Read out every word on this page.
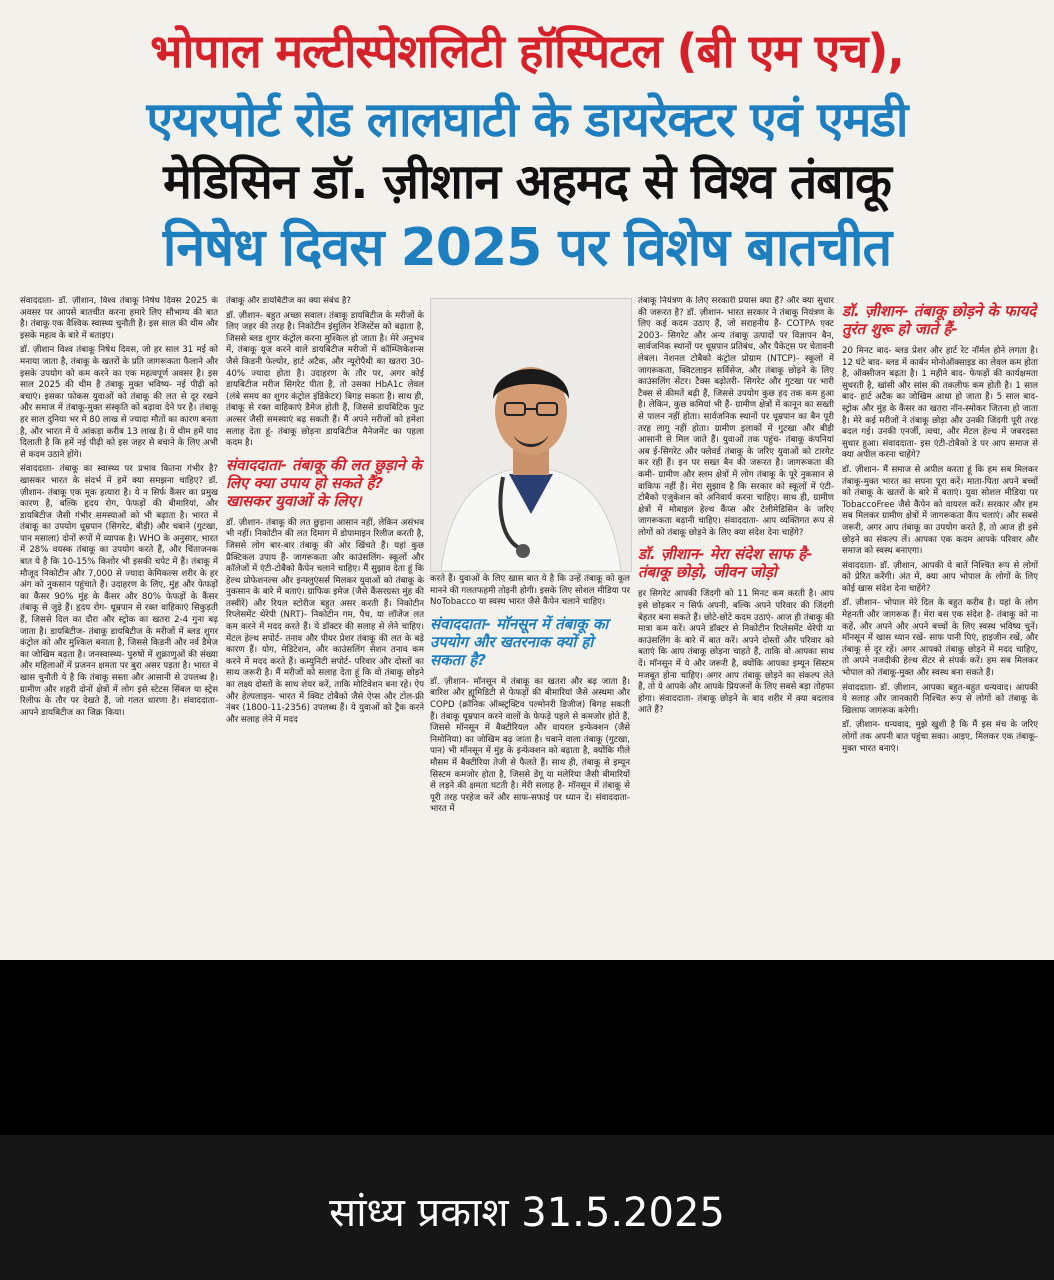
भोपाल मल्टीस्पेशलिटी हॉस्पिटल (बी एम एच),
एयरपोर्ट रोड लालघाटी के डायरेक्टर एवं एमडी
मेडिसिन डॉ. ज़ीशान अहमद से विश्व तंबाकू
निषेध दिवस 2025 पर विशेष बातचीत

संवाददाता- डॉ. ज़ीशान, विश्व तंबाकू निषेध दिवस 2025 के अवसर पर आपसे बातचीत करना हमारे लिए सौभाग्य की बात है। तंबाकू एक वैश्विक स्वास्थ्य चुनौती है। इस साल की थीम और इसके महत्व के बारे में बताइए।

डॉ. ज़ीशान विश्व तंबाकू निषेध दिवस, जो हर साल 31 मई को मनाया जाता है, तंबाकू के खतरों के प्रति जागरूकता फैलाने और इसके उपयोग को कम करने का एक महत्वपूर्ण अवसर है। इस साल 2025 की थीम है तंबाकू मुक्त भविष्य- नई पीढ़ी को बचाएं। इसका फोकस युवाओं को तंबाकू की लत से दूर रखने और समाज में तंबाकू-मुक्त संस्कृति को बढ़ावा देने पर है। तंबाकू हर साल दुनिया भर में 80 लाख से ज्यादा मौतों का कारण बनता है, और भारत में ये आंकड़ा करीब 13 लाख है। ये थीम हमें याद दिलाती है कि हमें नई पीढ़ी को इस जहर से बचाने के लिए अभी से कदम उठाने होंगे।

संवाददाता- तंबाकू का स्वास्थ्य पर प्रभाव कितना गंभीर है? खासकर भारत के संदर्भ में हमें क्या समझना चाहिए? डॉ. ज़ीशान- तंबाकू एक मूक हत्यारा है। ये न सिर्फ कैंसर का प्रमुख कारण है, बल्कि हृदय रोग, फेफड़ों की बीमारियां, और डायबिटीज जैसी गंभीर समस्याओं को भी बढ़ाता है। भारत में तंबाकू का उपयोग धूम्रपान (सिगरेट, बीड़ी) और चबाने (गुटखा, पान मसाला) दोनों रूपों में व्यापक है। WHO के अनुसार, भारत में 28% वयस्क तंबाकू का उपयोग करते हैं, और चिंताजनक बात ये है कि 10-15% किशोर भी इसकी चपेट में हैं। तंबाकू में मौजूद निकोटीन और 7,000 से ज्यादा केमिकल्स शरीर के हर अंग को नुकसान पहुंचाते हैं। उदाहरण के लिए, मुंह और फेफड़ों का कैंसर 90% मुंह के कैंसर और 80% फेफड़ों के कैंसर तंबाकू से जुड़े हैं। हृदय रोग- धूम्रपान से रक्त वाहिकाएं सिकुड़ती हैं, जिससे दिल का दौरा और स्ट्रोक का खतरा 2-4 गुना बढ़ जाता है। डायबिटीज- तंबाकू डायबिटीज के मरीजों में ब्लड शुगर कंट्रोल को और मुश्किल बनाता है, जिससे किडनी और नर्व डैमेज का जोखिम बढ़ता है। जनस्वास्थ्य- पुरुषों में शुक्राणुओं की संख्या और महिलाओं में प्रजनन क्षमता पर बुरा असर पड़ता है। भारत में खास चुनौती ये है कि तंबाकू सस्ता और आसानी से उपलब्ध है। ग्रामीण और शहरी दोनों क्षेत्रों में लोग इसे स्टेटस सिंबल या स्ट्रेस रिलीफ के तौर पर देखते हैं, जो गलत धारणा है। संवाददाता- आपने डायबिटीज का जिक्र किया।

तंबाकू और डायबिटीज का क्या संबंध है?

डॉ. ज़ीशान- बहुत अच्छा सवाल। तंबाकू डायबिटीज के मरीजों के लिए जहर की तरह है। निकोटीन इंसुलिन रेजिस्टेंस को बढ़ाता है, जिससे ब्लड शुगर कंट्रोल करना मुश्किल हो जाता है। मेरे अनुभव में, तंबाकू यूज करने वाले डायबिटीज मरीजों में कॉम्प्लिकेशन्स जैसे किडनी फेल्योर, हार्ट अटैक, और न्यूरोपैथी का खतरा 30-40% ज्यादा होता है। उदाहरण के तौर पर, अगर कोई डायबिटीज मरीज सिगरेट पीता है, तो उसका HbA1c लेवल (लंबे समय का शुगर कंट्रोल इंडिकेटर) बिगड़ सकता है। साथ ही, तंबाकू से रक्त वाहिकाएं डैमेज होती हैं, जिससे डायबिटिक फुट अल्सर जैसी समस्याएं बढ़ सकती हैं। मैं अपने मरीजों को हमेशा सलाह देता हूं- तंबाकू छोड़ना डायबिटीज मैनेजमेंट का पहला कदम है।

संवाददाता- तंबाकू की लत छुड़ाने के लिए क्या उपाय हो सकते हैं? खासकर युवाओं के लिए।

डॉ. ज़ीशान- तंबाकू की लत छुड़ाना आसान नहीं, लेकिन असंभव भी नहीं। निकोटीन की लत दिमाग में डोपामाइन रिलीज करती है, जिससे लोग बार-बार तंबाकू की ओर खिंचते हैं। यहां कुछ प्रैक्टिकल उपाय हैं- जागरूकता और काउंसलिंग- स्कूलों और कॉलेजों में एंटी-टोबैको कैंपेन चलाने चाहिए। मैं सुझाव देता हूं कि हेल्थ प्रोफेशनल्स और इन्फ्लुएंसर्स मिलकर युवाओं को तंबाकू के नुकसान के बारे में बताएं। ग्राफिक इमेज (जैसे कैंसरग्रस्त मुंह की तस्वीरें) और रियल स्टोरीज बहुत असर करती हैं। निकोटीन रिप्लेसमेंट थेरेपी (NRT)- निकोटीन गम, पैच, या लॉजेंज लत कम करने में मदद करते हैं। ये डॉक्टर की सलाह से लेने चाहिए। मेंटल हेल्थ सपोर्ट- तनाव और पीयर प्रेशर तंबाकू की लत के बड़े कारण हैं। योग, मेडिटेशन, और काउंसलिंग सेशन तनाव कम करने में मदद करते हैं। कम्युनिटी सपोर्ट- परिवार और दोस्तों का साथ जरूरी है। मैं मरीजों को सलाह देता हूं कि वो तंबाकू छोड़ने का लक्ष्य दोस्तों के साथ शेयर करें, ताकि मोटिवेशन बना रहे। ऐप और हेल्पलाइन- भारत में क्विट टोबैको जैसे ऐप्स और टोल-फ्री नंबर (1800-11-2356) उपलब्ध हैं। ये युवाओं को ट्रैक करने और सलाह लेने में मदद

तंबाकू नियंत्रण के लिए सरकारी प्रयास क्या हैं? और क्या सुधार की जरूरत है? डॉ. ज़ीशान- भारत सरकार ने तंबाकू नियंत्रण के लिए कई कदम उठाए हैं, जो सराहनीय हैं- COTPA एक्ट 2003- सिगरेट और अन्य तंबाकू उत्पादों पर विज्ञापन बैन, सार्वजनिक स्थानों पर धूम्रपान प्रतिबंध, और पैकेट्स पर चेतावनी लेबल। नेशनल टोबैको कंट्रोल प्रोग्राम (NTCP)- स्कूलों में जागरूकता, क्विटलाइन सर्विसेज, और तंबाकू छोड़ने के लिए काउंसलिंग सेंटर। टैक्स बढ़ोतरी- सिगरेट और गुटखा पर भारी टैक्स से कीमतें बढ़ी हैं, जिससे उपयोग कुछ हद तक कम हुआ है। लेकिन, कुछ कमियां भी हैं- ग्रामीण क्षेत्रों में कानून का सख्ती से पालन नहीं होता। सार्वजनिक स्थानों पर धूम्रपान का बैन पूरी तरह लागू नहीं होता। ग्रामीण इलाकों में गुटखा और बीड़ी आसानी से मिल जाते हैं। युवाओं तक पहुंच- तंबाकू कंपनियां अब ई-सिगरेट और फ्लेवर्ड तंबाकू के जरिए युवाओं को टारगेट कर रही हैं। इन पर सख्त बैन की जरूरत है। जागरूकता की कमी- ग्रामीण और स्लम क्षेत्रों में लोग तंबाकू के पूरे नुकसान से वाकिफ नहीं हैं। मेरा सुझाव है कि सरकार को स्कूलों में एंटी-टोबैको एजुकेशन को अनिवार्य करना चाहिए। साथ ही, ग्रामीण क्षेत्रों में मोबाइल हेल्थ कैंप्स और टेलीमेडिसिन के जरिए जागरूकता बढ़ानी चाहिए। संवाददाता- आप व्यक्तिगत रूप से लोगों को तंबाकू छोड़ने के लिए क्या संदेश देना चाहेंगे?

डॉ. ज़ीशान- मेरा संदेश साफ है- तंबाकू छोड़ो, जीवन जोड़ो

हर सिगरेट आपकी जिंदगी को 11 मिनट कम करती है। आप इसे छोड़कर न सिर्फ अपनी, बल्कि अपने परिवार की जिंदगी बेहतर बना सकते हैं। छोटे-छोटे कदम उठाएं- आज ही तंबाकू की मात्रा कम करें। अपने डॉक्टर से निकोटीन रिप्लेसमेंट थेरेपी या काउंसलिंग के बारे में बात करें। अपने दोस्तों और परिवार को बताएं कि आप तंबाकू छोड़ना चाहते हैं, ताकि वो आपका साथ दें। मॉनसून में ये और जरूरी है, क्योंकि आपका इम्यून सिस्टम मजबूत होना चाहिए। अगर आप तंबाकू छोड़ने का संकल्प लेते हैं, तो ये आपके और आपके प्रियजनों के लिए सबसे बड़ा तोहफा होगा। संवाददाता- तंबाकू छोड़ने के बाद शरीर में क्या बदलाव आते हैं?

डॉ. ज़ीशान- तंबाकू छोड़ने के फायदे तुरंत शुरू हो जाते हैं-

20 मिनट बाद- ब्लड प्रेशर और हार्ट रेट नॉर्मल होने लगता है। 12 घंटे बाद- ब्लड में कार्बन मोनोऑक्साइड का लेवल कम होता है, ऑक्सीजन बढ़ता है। 1 महीने बाद- फेफड़ों की कार्यक्षमता सुधरती है, खांसी और सांस की तकलीफ कम होती है। 1 साल बाद- हार्ट अटैक का जोखिम आधा हो जाता है। 5 साल बाद- स्ट्रोक और मुंह के कैंसर का खतरा नॉन-स्मोकर जितना हो जाता है। मेरे कई मरीजों ने तंबाकू छोड़ा और उनकी जिंदगी पूरी तरह बदल गई। उनकी एनर्जी, त्वचा, और मेंटल हेल्थ में जबरदस्त सुधार हुआ। संवाददाता- इस एंटी-टोबैको डे पर आप समाज से क्या अपील करना चाहेंगे?

डॉ. ज़ीशान- मैं समाज से अपील करता हूं कि हम सब मिलकर तंबाकू-मुक्त भारत का सपना पूरा करें। माता-पिता अपने बच्चों को तंबाकू के खतरों के बारे में बताएं। युवा सोशल मीडिया पर TobaccoFree जैसे कैंपेन को वायरल करें। सरकार और हम सब मिलकर ग्रामीण क्षेत्रों में जागरूकता कैंप चलाएं। और सबसे जरूरी, अगर आप तंबाकू का उपयोग करते हैं, तो आज ही इसे छोड़ने का संकल्प लें। आपका एक कदम आपके परिवार और समाज को स्वस्थ बनाएगा।

संवाददाता- डॉ. ज़ीशान, आपकी ये बातें निश्चित रूप से लोगों को प्रेरित करेंगी। अंत में, क्या आप भोपाल के लोगों के लिए कोई खास संदेश देना चाहेंगे?

डॉ. ज़ीशान- भोपाल मेरे दिल के बहुत करीब है। यहां के लोग मेहनती और जागरूक हैं। मेरा बस एक संदेश है- तंबाकू को ना कहें, और अपने और अपने बच्चों के लिए स्वस्थ भविष्य चुनें। मॉनसून में खास ध्यान रखें- साफ पानी पिएं, हाइजीन रखें, और तंबाकू से दूर रहें। अगर आपको तंबाकू छोड़ने में मदद चाहिए, तो अपने नजदीकी हेल्थ सेंटर से संपर्क करें। हम सब मिलकर भोपाल को तंबाकू-मुक्त और स्वस्थ बना सकते हैं।

संवाददाता- डॉ. ज़ीशान, आपका बहुत-बहुत धन्यवाद। आपकी ये सलाह और जानकारी निश्चित रूप से लोगों को तंबाकू के खिलाफ जागरूक करेगी।

डॉ. ज़ीशान- धन्यवाद, मुझे खुशी है कि मैं इस मंच के जरिए लोगों तक अपनी बात पहुंचा सका। आइए, मिलकर एक तंबाकू-मुक्त भारत बनाएं।

करते हैं। युवाओं के लिए खास बात ये है कि उन्हें तंबाकू को कूल मानने की गलतफहमी तोड़नी होगी। इसके लिए सोशल मीडिया पर NoTobacco या स्वस्थ भारत जैसे कैंपेन चलाने चाहिए।

संवाददाता- मॉनसून में तंबाकू का उपयोग और खतरनाक क्यों हो सकता है?

डॉ. ज़ीशान- मॉनसून में तंबाकू का खतरा और बढ़ जाता है। बारिश और ह्यूमिडिटी से फेफड़ों की बीमारियां जैसे अस्थमा और COPD (क्रॉनिक ऑब्स्ट्रक्टिव पल्मोनरी डिजीज) बिगड़ सकती हैं। तंबाकू धूम्रपान करने वालों के फेफड़े पहले से कमजोर होते हैं, जिससे मॉनसून में बैक्टीरियल और वायरल इन्फेक्शन (जैसे निमोनिया) का जोखिम बढ़ जाता है। चबाने वाला तंबाकू (गुटखा, पान) भी मॉनसून में मुंह के इन्फेक्शन को बढ़ाता है, क्योंकि गीले मौसम में बैक्टीरिया तेजी से फैलते हैं। साथ ही, तंबाकू से इम्यून सिस्टम कमजोर होता है, जिससे डेंगू या मलेरिया जैसी बीमारियों से लड़ने की क्षमता घटती है। मेरी सलाह है- मॉनसून में तंबाकू से पूरी तरह परहेज करें और साफ-सफाई पर ध्यान दें। संवाददाता- भारत में

सांध्य प्रकाश 31.5.2025
